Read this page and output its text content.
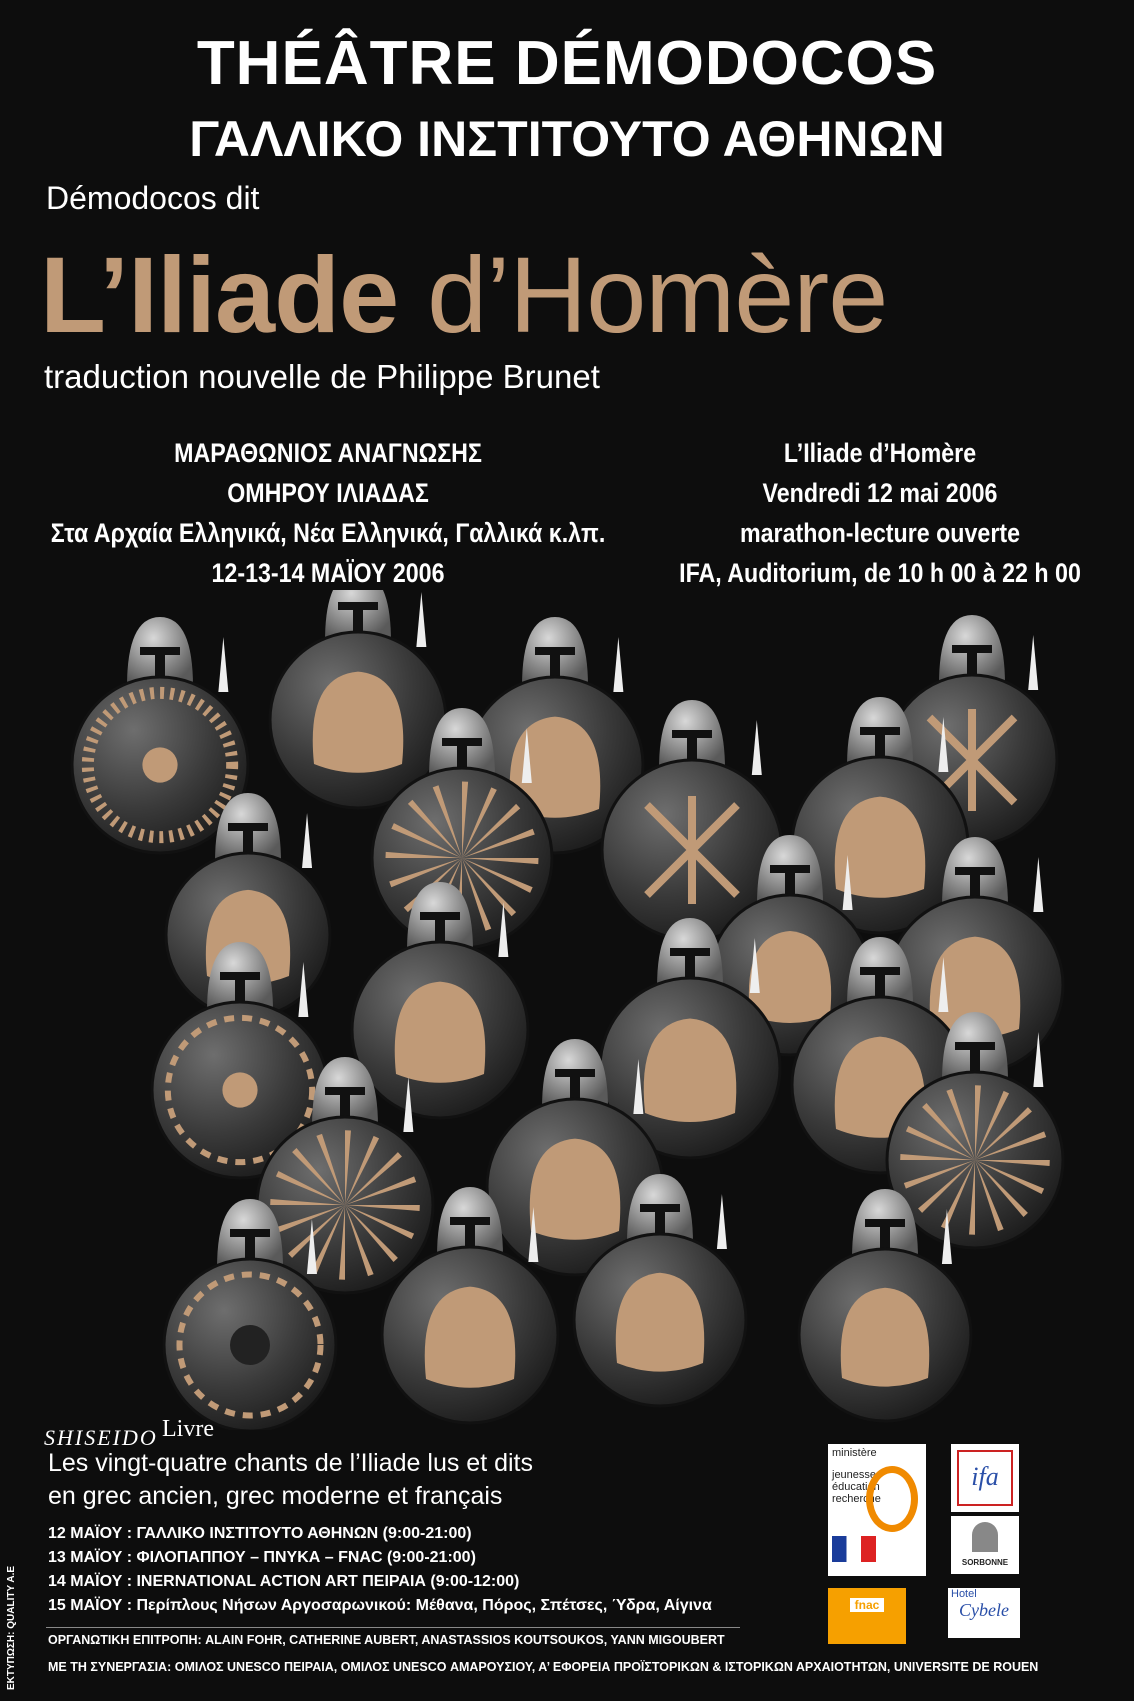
THÉÂTRE DÉMODOCOS
ΓΑΛΛΙΚΟ ΙΝΣΤΙΤΟΥΤΟ ΑΘΗΝΩΝ
Démodocos dit
L’Iliade d’Homère
traduction nouvelle de Philippe Brunet
ΜΑΡΑΘΩΝΙΟΣ ΑΝΑΓΝΩΣΗΣ
ΟΜΗΡΟΥ ΙΛΙΑΔΑΣ
Στα Αρχαία Ελληνικά, Νέα Ελληνικά, Γαλλικά κ.λπ.
12-13-14 ΜΑΪΟΥ 2006
L’Iliade d’Homère
Vendredi 12 mai 2006
marathon-lecture ouverte
IFA, Auditorium, de 10 h 00 à 22 h 00
SHISEIDO Livre
Les vingt-quatre chants de l’Iliade lus et dits
en grec ancien, grec moderne et français
12 ΜΑΪΟΥ : ΓΑΛΛΙΚΟ ΙΝΣΤΙΤΟΥΤΟ ΑΘΗΝΩΝ (9:00-21:00)
13 ΜΑΪΟΥ : ΦΙΛΟΠΑΠΠΟΥ – ΠΝΥΚΑ – FNAC (9:00-21:00)
14 ΜΑΪΟΥ : INERNATIONAL ACTION ART ΠΕΙΡΑΙΑ (9:00-12:00)
15 ΜΑΪΟΥ : Περίπλους Νήσων Αργοσαρωνικού: Μέθανα, Πόρος, Σπέτσες, Ύδρα, Αίγινα
ΟΡΓΑΝΩΤΙΚΗ ΕΠΙΤΡΟΠΗ: ALAIN FOHR, CATHERINE AUBERT, ANASTASSIOS KOUTSOUKOS, YANN MIGOUBERT
ΜΕ ΤΗ ΣΥΝΕΡΓΑΣΙΑ: ΟΜΙΛΟΣ UNESCO ΠΕΙΡΑΙΑ, ΟΜΙΛΟΣ UNESCO ΑΜΑΡΟΥΣΙΟΥ, Α’ ΕΦΟΡΕΙΑ ΠΡΟΪΣΤΟΡΙΚΩΝ & ΙΣΤΟΡΙΚΩΝ ΑΡΧΑΙΟΤΗΤΩΝ, UNIVERSITE DE ROUEN
ΕΚΤΥΠΩΣΗ: QUALITY A.E
ministère
jeunesse
éducation
recherche
ifa
SORBONNE
fnac
Hotel
Cybele
